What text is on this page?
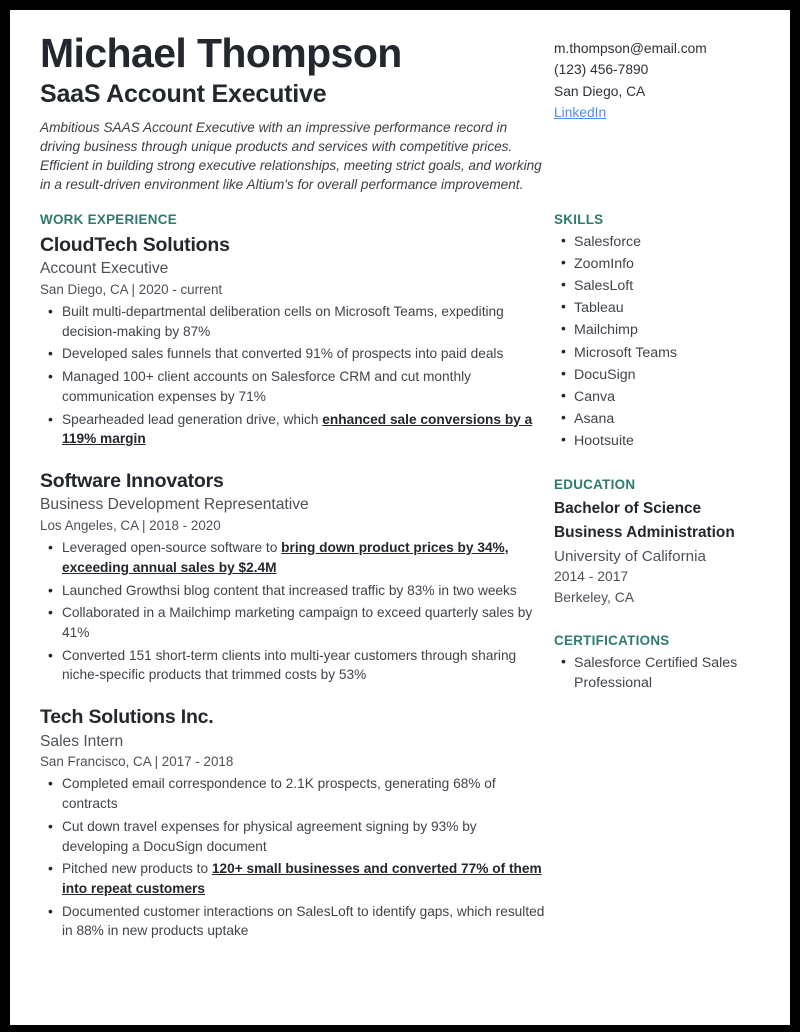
Michael Thompson
SaaS Account Executive
Ambitious SAAS Account Executive with an impressive performance record in driving business through unique products and services with competitive prices. Efficient in building strong executive relationships, meeting strict goals, and working in a result-driven environment like Altium's for overall performance improvement.
m.thompson@email.com
(123) 456-7890
San Diego, CA
LinkedIn
WORK EXPERIENCE
CloudTech Solutions
Account Executive
San Diego, CA | 2020 - current
• Built multi-departmental deliberation cells on Microsoft Teams, expediting decision-making by 87%
• Developed sales funnels that converted 91% of prospects into paid deals
• Managed 100+ client accounts on Salesforce CRM and cut monthly communication expenses by 71%
• Spearheaded lead generation drive, which enhanced sale conversions by a 119% margin
Software Innovators
Business Development Representative
Los Angeles, CA | 2018 - 2020
• Leveraged open-source software to bring down product prices by 34%, exceeding annual sales by $2.4M
• Launched Growthsi blog content that increased traffic by 83% in two weeks
• Collaborated in a Mailchimp marketing campaign to exceed quarterly sales by 41%
• Converted 151 short-term clients into multi-year customers through sharing niche-specific products that trimmed costs by 53%
Tech Solutions Inc.
Sales Intern
San Francisco, CA | 2017 - 2018
• Completed email correspondence to 2.1K prospects, generating 68% of contracts
• Cut down travel expenses for physical agreement signing by 93% by developing a DocuSign document
• Pitched new products to 120+ small businesses and converted 77% of them into repeat customers
• Documented customer interactions on SalesLoft to identify gaps, which resulted in 88% in new products uptake
SKILLS
• Salesforce
• ZoomInfo
• SalesLoft
• Tableau
• Mailchimp
• Microsoft Teams
• DocuSign
• Canva
• Asana
• Hootsuite
EDUCATION
Bachelor of Science
Business Administration
University of California
2014 - 2017
Berkeley, CA
CERTIFICATIONS
• Salesforce Certified Sales Professional
